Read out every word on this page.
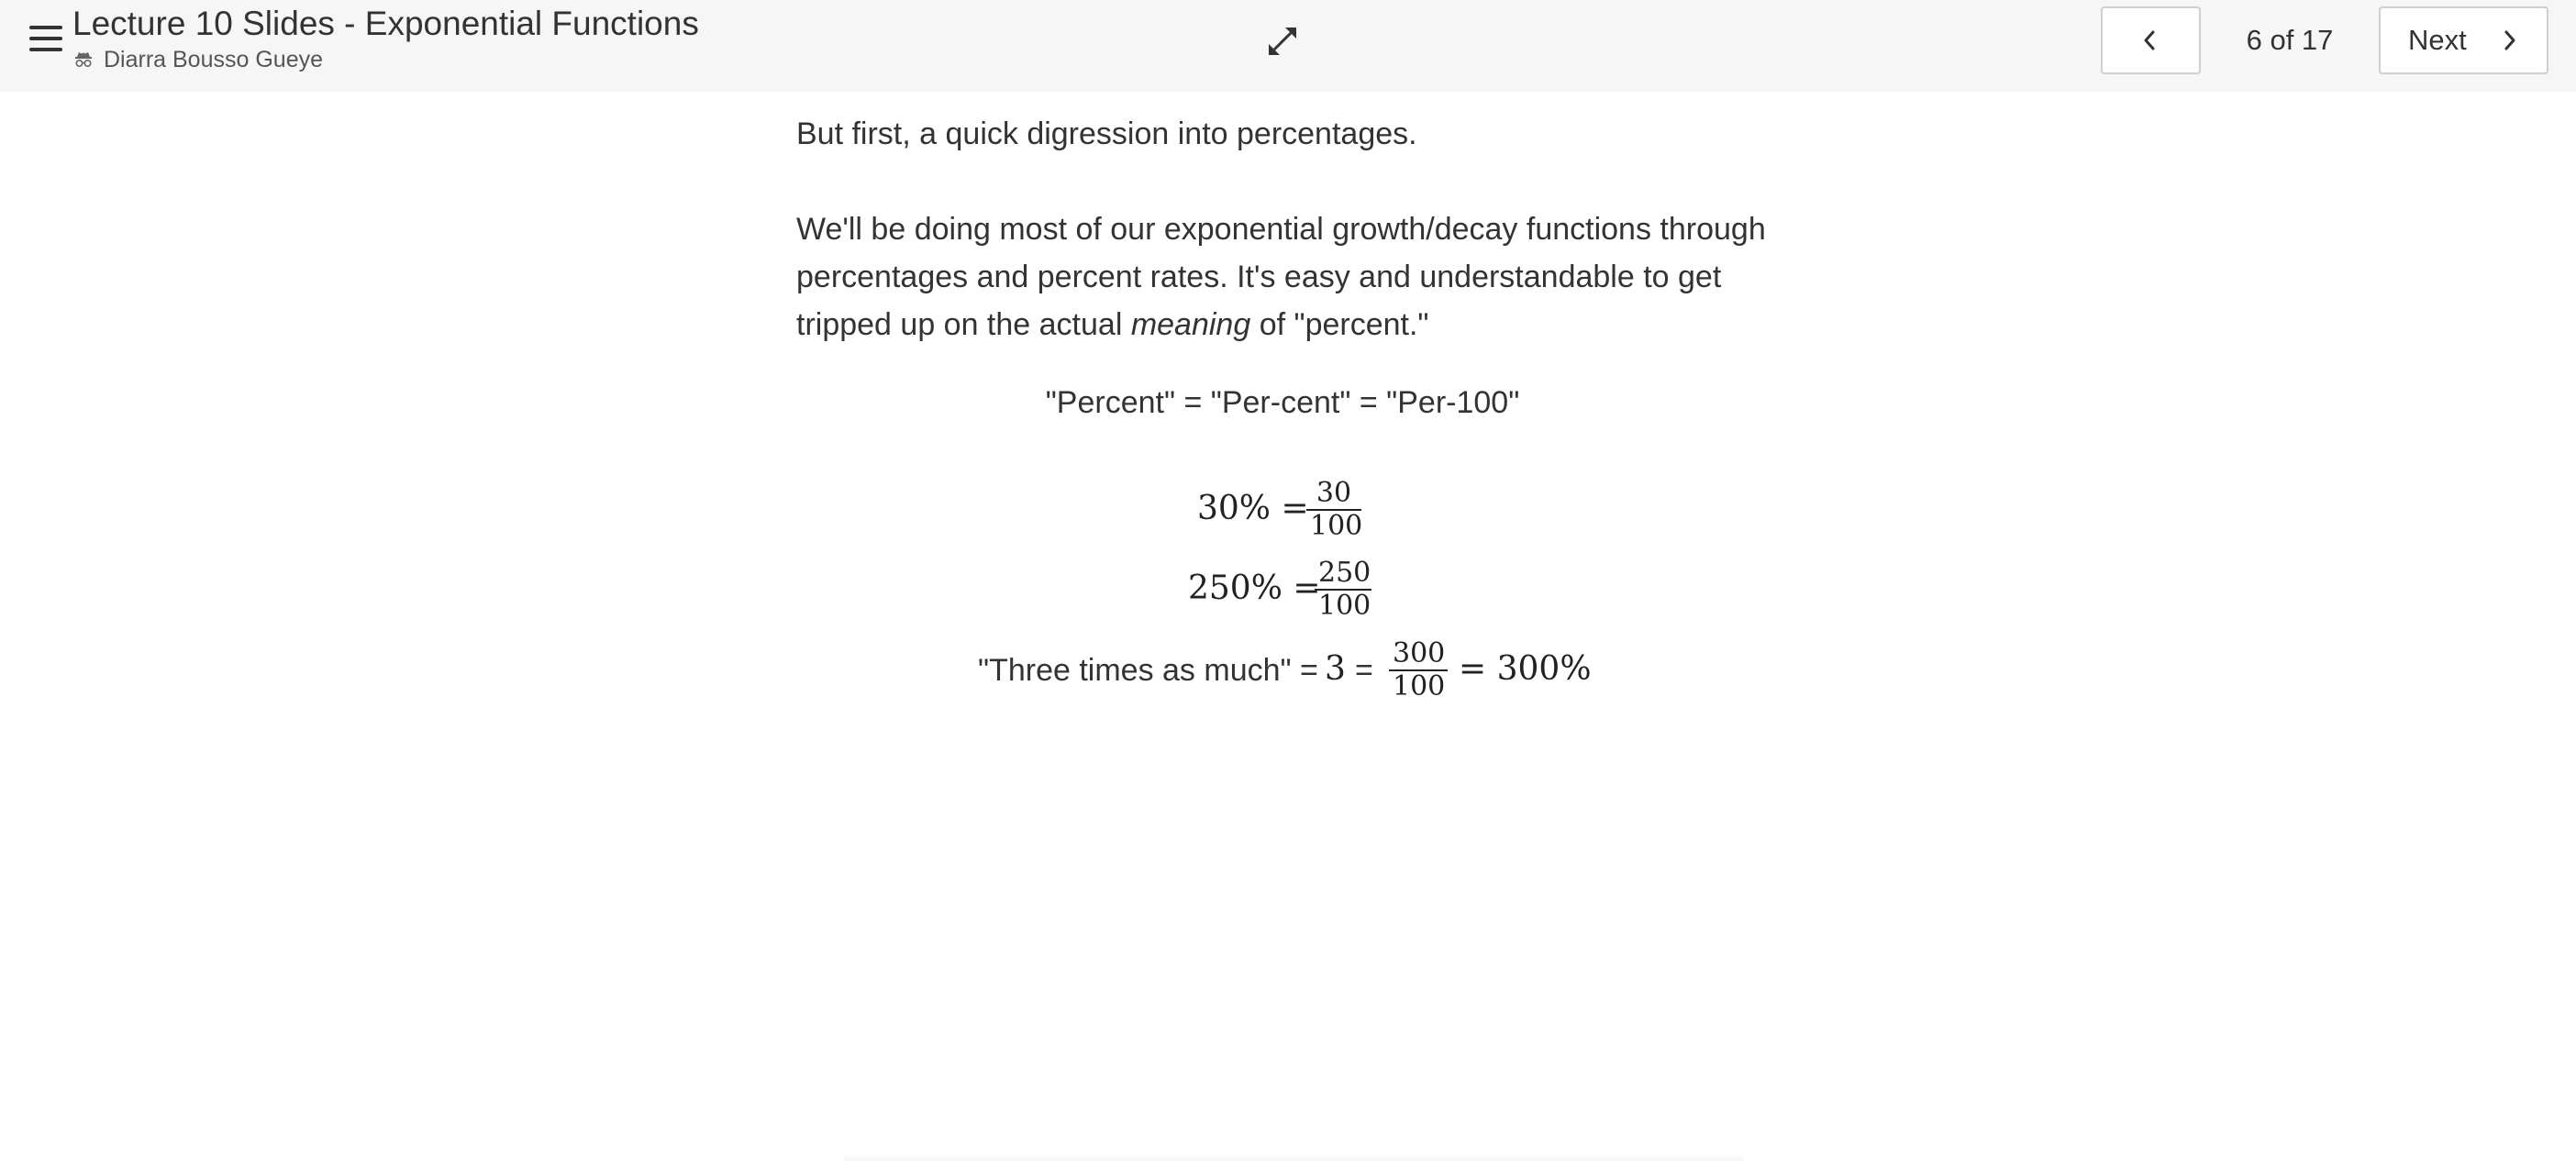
Lecture 10 Slides - Exponential Functions
Diarra Bousso Gueye
6 of 17	Next

But first, a quick digression into percentages.

We'll be doing most of our exponential growth/decay functions through percentages and percent rates. It's easy and understandable to get tripped up on the actual meaning of "percent."

"Percent" = "Per-cent" = "Per-100"
30% =
$\frac{30}{100}$
250% =
$\frac{250}{100}$
"Three times as much" = $3 = \frac{300}{100} = 300\%$
